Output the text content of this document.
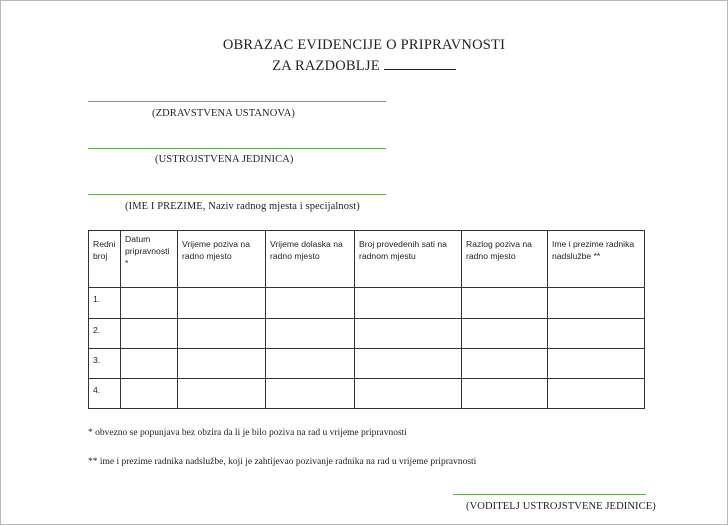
OBRAZAC EVIDENCIJE O PRIPRAVNOSTI
ZA RAZDOBLJE
(ZDRAVSTVENA USTANOVA)
(USTROJSTVENA JEDINICA)
(IME I PREZIME, Naziv radnog mjesta i specijalnost)
Redni broj	Datum pripravnosti *	Vrijeme poziva na radno mjesto	Vrijeme dolaska na radno mjesto	Broj provedenih sati na radnom mjestu	Razlog poziva na radno mjesto	Ime i prezime radnika nadslužbe **

1.						

2.						

3.						

4.						

* obvezno se popunjava bez obzira da li je bilo poziva na rad u vrijeme pripravnosti
** ime i prezime radnika nadslužbe, koji je zahtijevao pozivanje radnika na rad u vrijeme pripravnosti
(VODITELJ USTROJSTVENE JEDINICE)
